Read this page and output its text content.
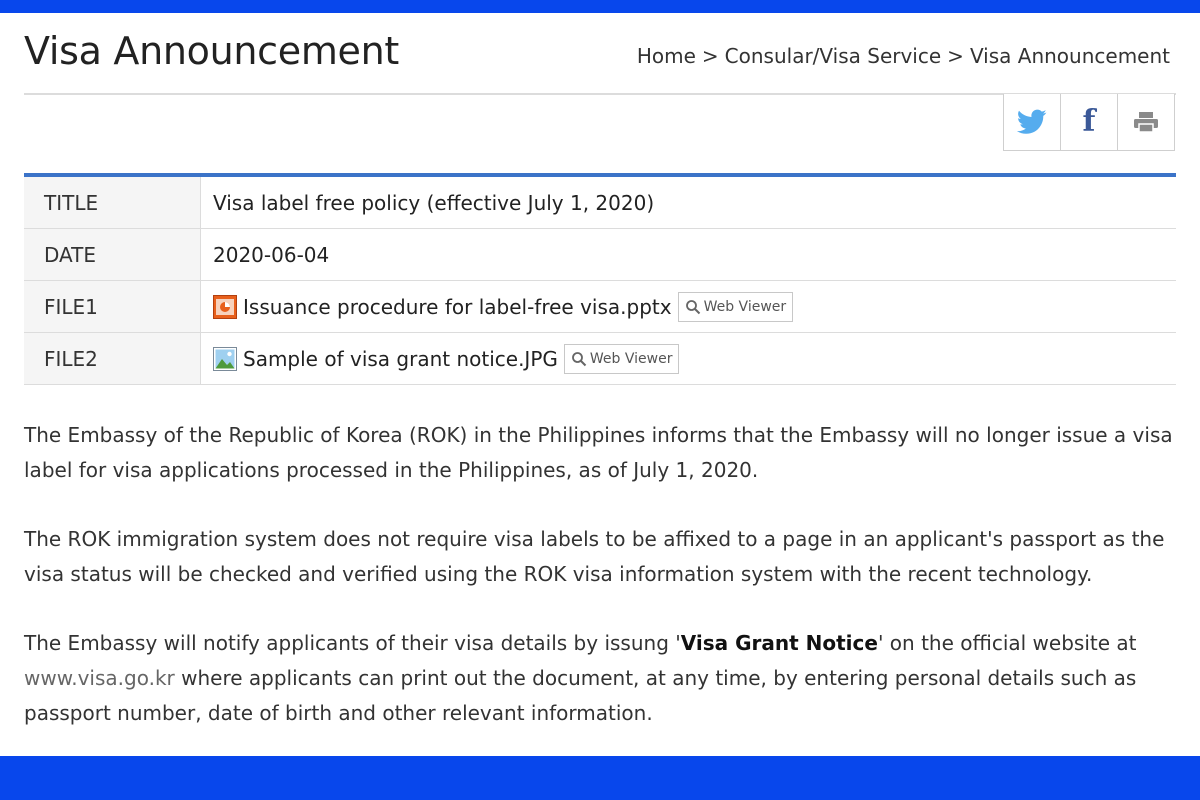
Visa Announcement	Home > Consular/Visa Service > Visa Announcement
f
TITLE	Visa label free policy (effective July 1, 2020)
DATE	2020-06-04
FILE1	Issuance procedure for label-free visa.pptx Web Viewer

FILE2	Sample of visa grant notice.JPG Web Viewer

The Embassy of the Republic of Korea (ROK) in the Philippines informs that the Embassy will no longer issue a visa label for visa applications processed in the Philippines, as of July 1, 2020.

The ROK immigration system does not require visa labels to be affixed to a page in an applicant's passport as the visa status will be checked and verified using the ROK visa information system with the recent technology.

The Embassy will notify applicants of their visa details by issung 'Visa Grant Notice' on the official website at www.visa.go.kr where applicants can print out the document, at any time, by entering personal details such as passport number, date of birth and other relevant information.
